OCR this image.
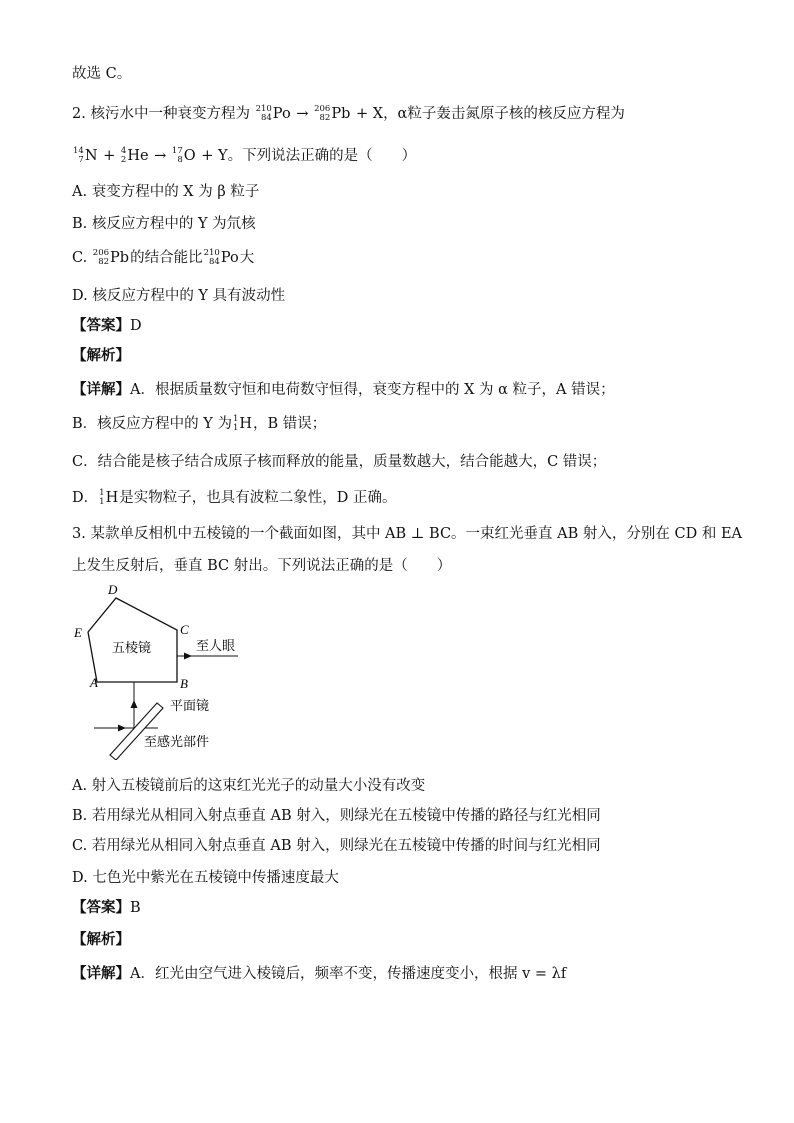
故选 C。
2. 核污水中一种衰变方程为 210
84 Po → 206
82 Pb + X，α粒子轰击氮原子核的核反应方程为
14
7 N + 4
2 He → 17
8 O + Y。下列说法正确的是（　　）
A. 衰变方程中的 X 为 β 粒子
B. 核反应方程中的 Y 为氘核
C. 206
82 Pb 的结合能比 210
84 Po 大
D. 核反应方程中的 Y 具有波动性
【答案】D
【解析】
【详解】A．根据质量数守恒和电荷数守恒得，衰变方程中的 X 为 α 粒子，A 错误；
B．核反应方程中的 Y 为 1
1 H ，B 错误；
C．结合能是核子结合成原子核而释放的能量，质量数越大，结合能越大，C 错误；
D． 1
1 H 是实物粒子，也具有波粒二象性，D 正确。
3. 某款单反相机中五棱镜的一个截面如图，其中 AB ⊥ BC。一束红光垂直 AB 射入，分别在 CD 和 EA
上发生反射后，垂直 BC 射出。下列说法正确的是（　　）
D
E	C
A	B
五棱镜	至人眼
平面镜
至感光部件
A. 射入五棱镜前后的这束红光光子的动量大小没有改变
B. 若用绿光从相同入射点垂直 AB 射入，则绿光在五棱镜中传播的路径与红光相同
C. 若用绿光从相同入射点垂直 AB 射入，则绿光在五棱镜中传播的时间与红光相同
D. 七色光中紫光在五棱镜中传播速度最大
【答案】B
【解析】
【详解】A．红光由空气进入棱镜后，频率不变，传播速度变小，根据 v = λf
